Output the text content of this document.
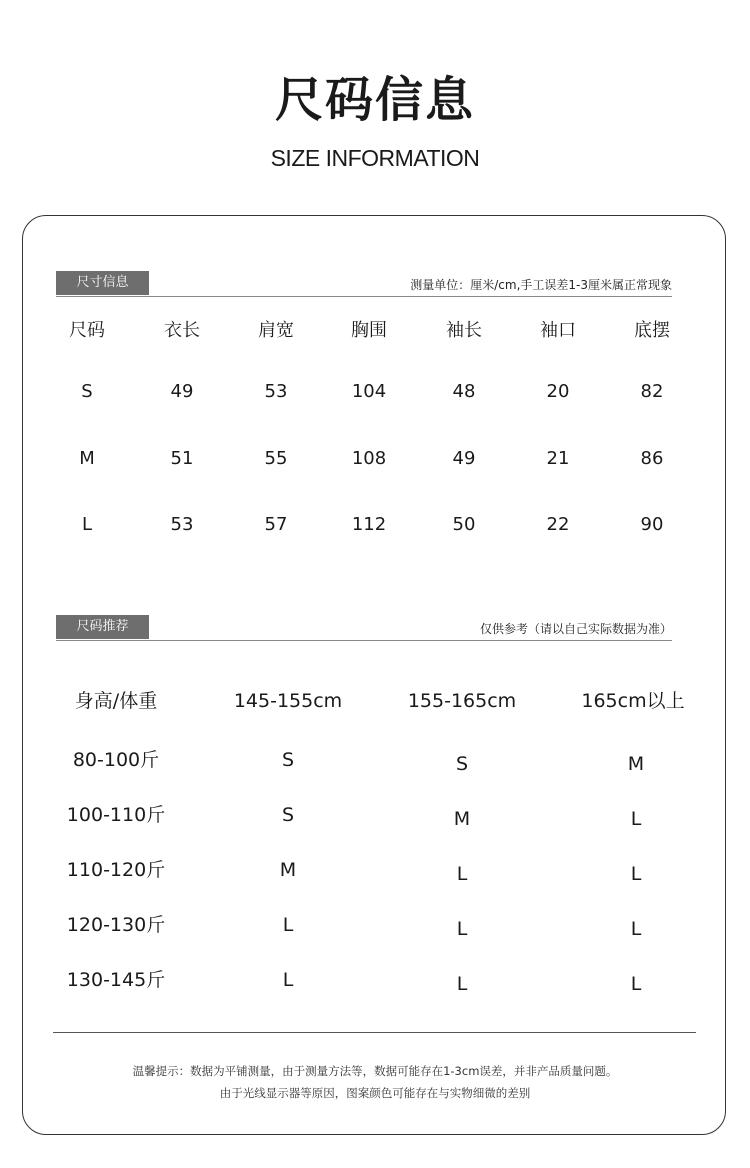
尺码信息
SIZE INFORMATION
尺寸信息	测量单位：厘米/cm,手工误差1-3厘米属正常现象
尺码	衣长	肩宽	胸围	袖长	袖口	底摆
S	49	53	104	48	20	82
M	51	55	108	49	21	86
L	53	57	112	50	22	90
尺码推荐	仅供参考（请以自己实际数据为准）
身高/体重	145-155cm	155-165cm	165cm以上
80-100斤	S	S	M
100-110斤	S	M	L
110-120斤	M	L	L
120-130斤	L	L	L
130-145斤	L	L	L
温馨提示：数据为平铺测量，由于测量方法等，数据可能存在1-3cm误差，并非产品质量问题。
由于光线显示器等原因，图案颜色可能存在与实物细微的差别
